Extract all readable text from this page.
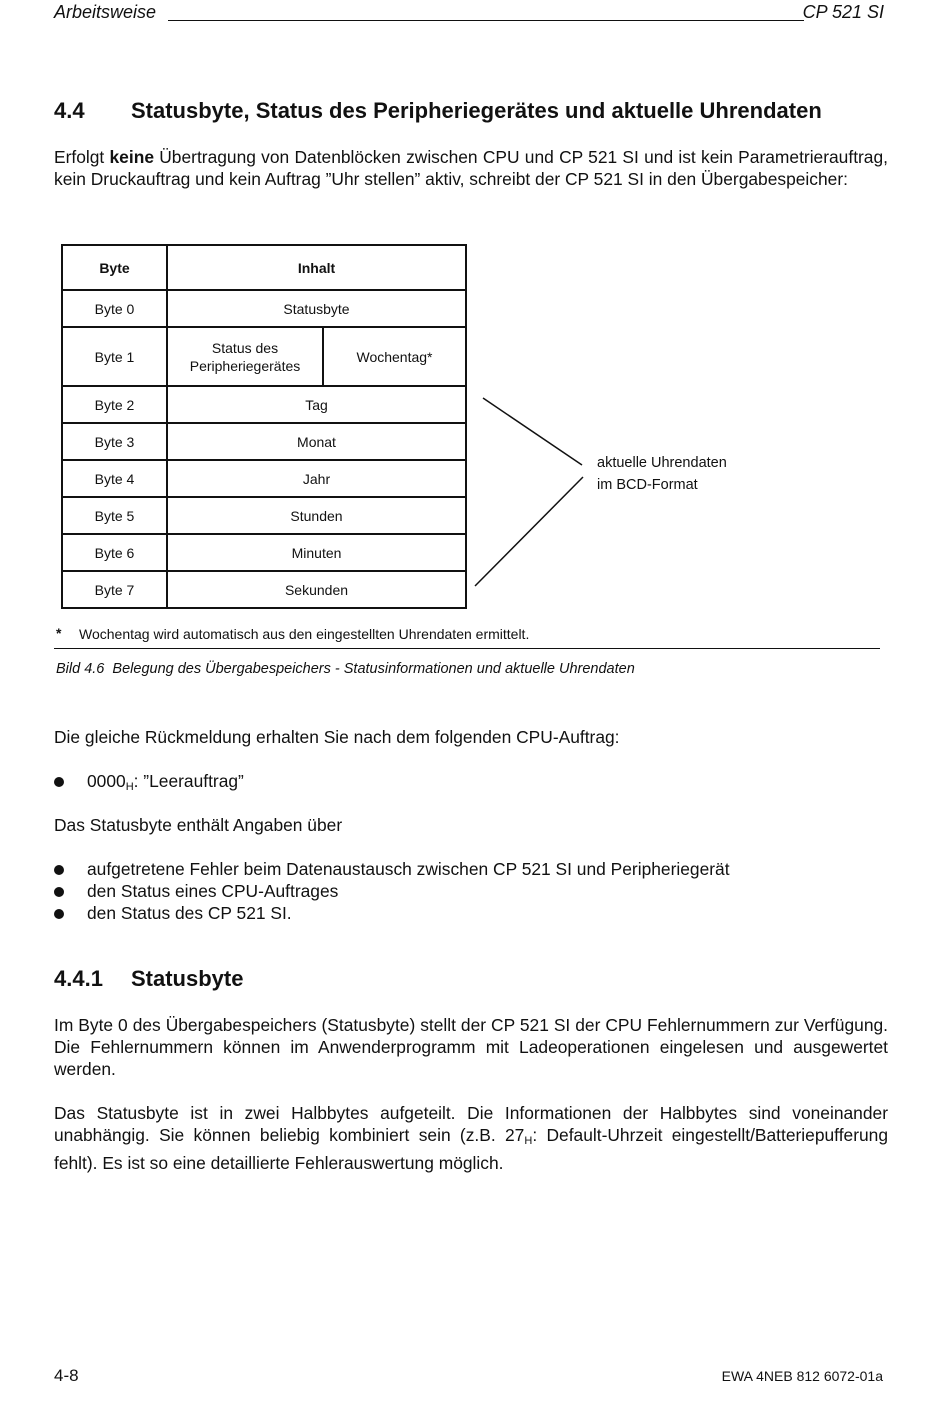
Arbeitsweise	CP 521 SI
4.4 Statusbyte, Status des Peripheriegerätes und aktuelle Uhrendaten
Erfolgt keine Übertragung von Datenblöcken zwischen CPU und CP 521 SI und ist kein Parametrierauftrag, kein Druckauftrag und kein Auftrag ”Uhr stellen” aktiv, schreibt der CP 521 SI in den Übergabespeicher:
Byte	Inhalt	
Byte 0	Statusbyte	
Byte 1	Status des Peripheriegerätes	Wochentag*
Byte 2	Tag	
Byte 3	Monat	
Byte 4	Jahr	
Byte 5	Stunden	
Byte 6	Minuten	
Byte 7	Sekunden	
aktuelle Uhrendaten
im BCD-Format
* Wochentag wird automatisch aus den eingestellten Uhrendaten ermittelt.
Bild 4.6  Belegung des Übergabespeichers - Statusinformationen und aktuelle Uhrendaten
Die gleiche Rückmeldung erhalten Sie nach dem folgenden CPU-Auftrag:
$0000_H$: ”Leerauftrag”
Das Statusbyte enthält Angaben über
aufgetretene Fehler beim Datenaustausch zwischen CP 521 SI und Peripheriegerät
den Status eines CPU-Auftrages
den Status des CP 521 SI.
4.4.1 Statusbyte
Im Byte 0 des Übergabespeichers (Statusbyte) stellt der CP 521 SI der CPU Fehlernummern zur Verfügung. Die Fehlernummern können im Anwenderprogramm mit Ladeoperationen eingelesen und ausgewertet werden.
Das Statusbyte ist in zwei Halbbytes aufgeteilt. Die Informationen der Halbbytes sind voneinander unabhängig. Sie können beliebig kombiniert sein (z.B. $27_H$: Default-Uhrzeit eingestellt/Batteriepufferung fehlt). Es ist so eine detaillierte Fehlerauswertung möglich.
4-8	EWA 4NEB 812 6072-01a
